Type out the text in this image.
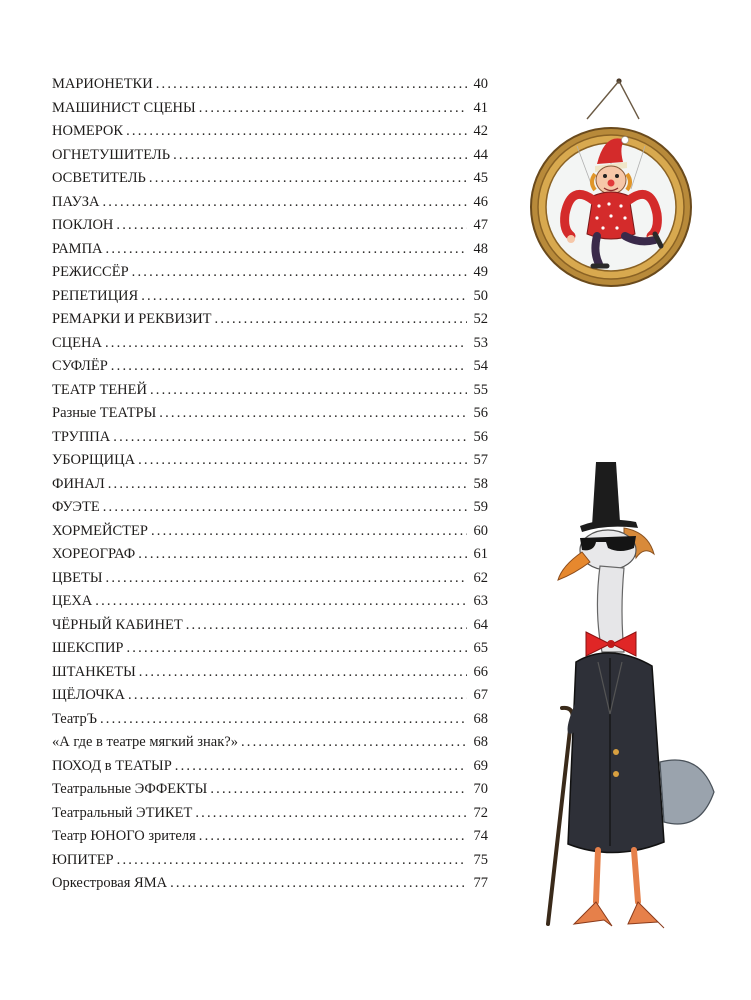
МАРИОНЕТКИ .....	40
МАШИНИСТ СЦЕНЫ .....	41
НОМЕРОК .....	42
ОГНЕТУШИТЕЛЬ .....	44
ОСВЕТИТЕЛЬ .....	45
ПАУЗА .....	46
ПОКЛОН .....	47
РАМПА .....	48
РЕЖИССЁР .....	49
РЕПЕТИЦИЯ .....	50
РЕМАРКИ И РЕКВИЗИТ .....	52
СЦЕНА .....	53
СУФЛЁР .....	54
ТЕАТР ТЕНЕЙ .....	55
Разные ТЕАТРЫ .....	56
ТРУППА .....	56
УБОРЩИЦА .....	57
ФИНАЛ .....	58
ФУЭТЕ .....	59
ХОРМЕЙСТЕР .....	60
ХОРЕОГРАФ .....	61
ЦВЕТЫ .....	62
ЦЕХА .....	63
ЧЁРНЫЙ КАБИНЕТ .....	64
ШЕКСПИР .....	65
ШТАНКЕТЫ .....	66
ЩЁЛОЧКА .....	67
ТеатрЪ .....	68
«А где в театре мягкий знак?» .....	68
ПОХОД в ТЕАТЫР .....	69
Театральные ЭФФЕКТЫ .....	70
Театральный ЭТИКЕТ .....	72
Театр ЮНОГО зрителя .....	74
ЮПИТЕР .....	75
Оркестровая ЯМА .....	77
